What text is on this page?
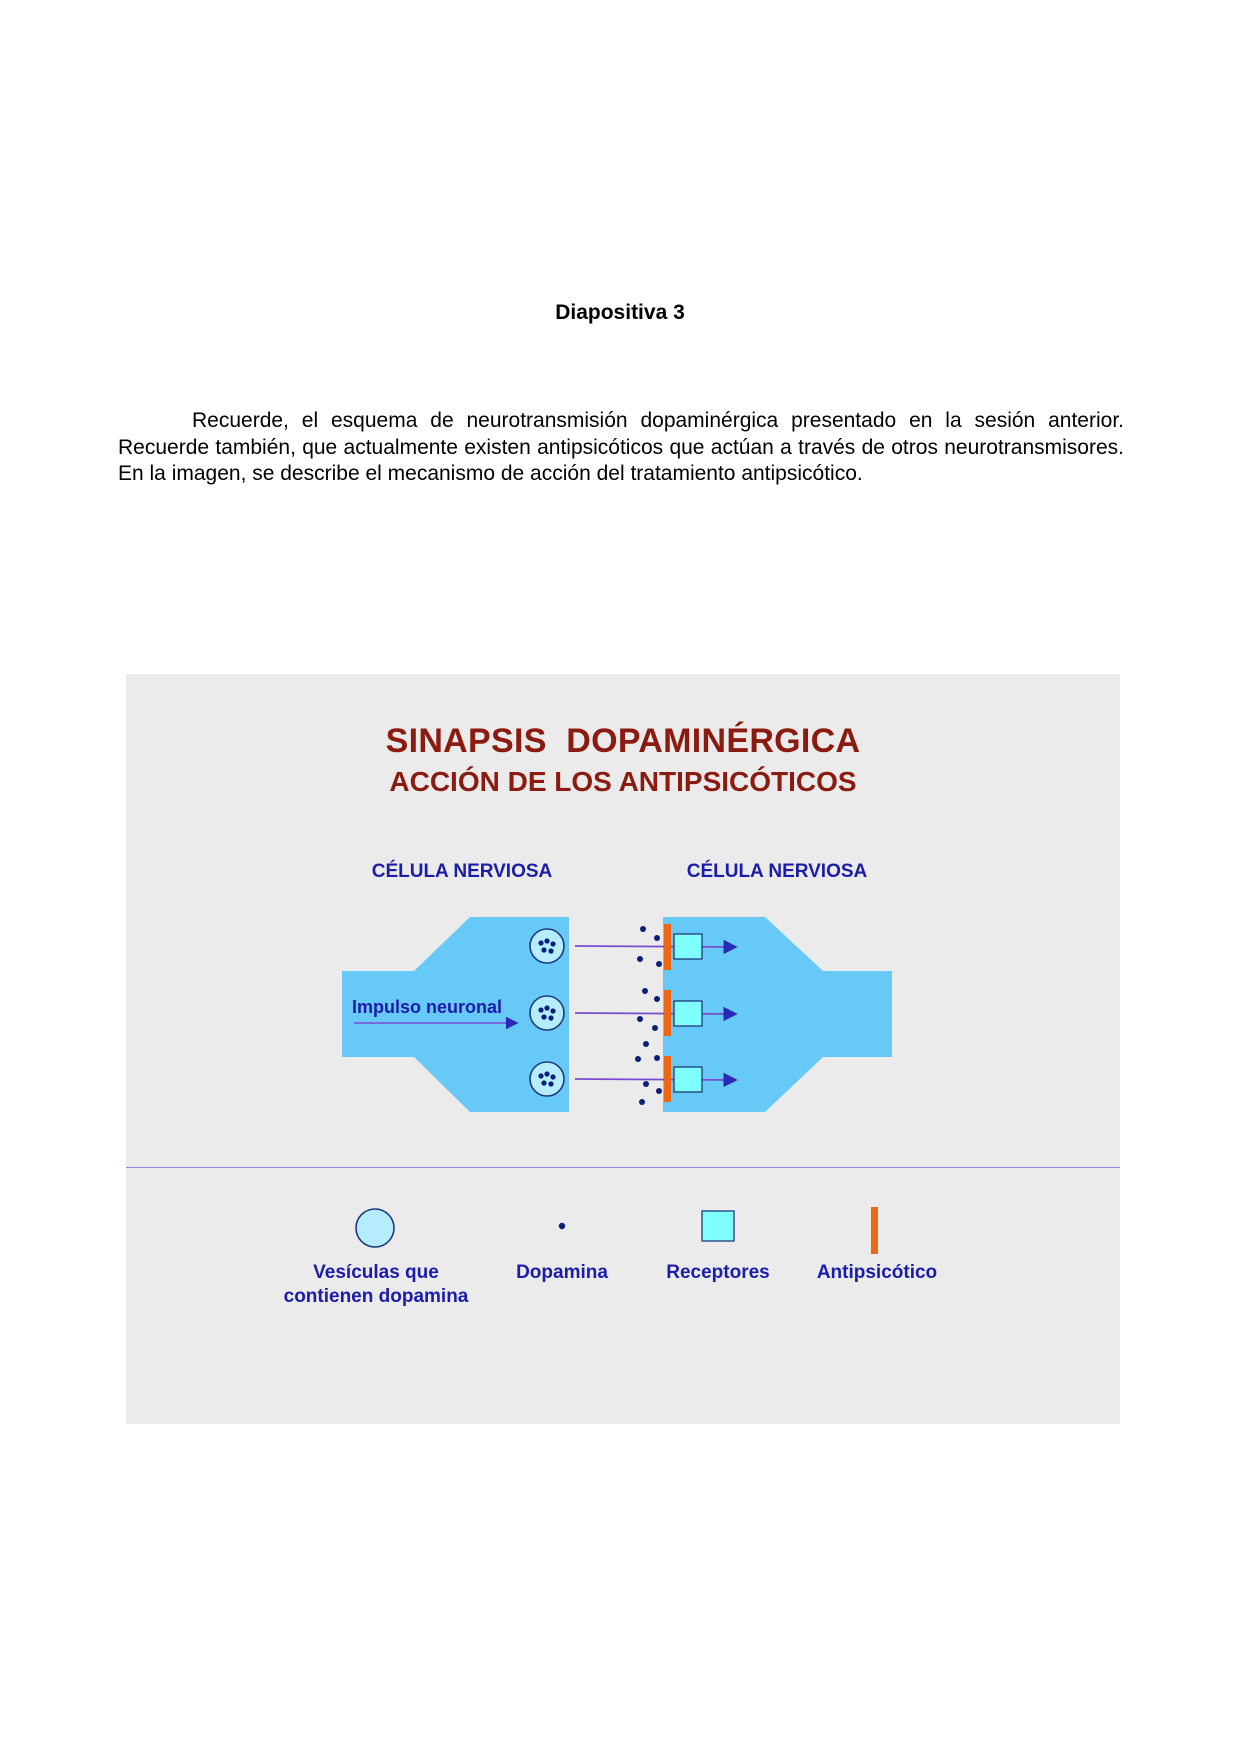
Diapositiva 3

Recuerde, el esquema de neurotransmisión dopaminérgica presentado en la sesión anterior. Recuerde también, que actualmente existen antipsicóticos que actúan a través de otros neurotransmisores. En la imagen, se describe el mecanismo de acción del tratamiento antipsicótico.

SINAPSIS  DOPAMINÉRGICA
ACCIÓN DE LOS ANTIPSICÓTICOS
CÉLULA NERVIOSA	CÉLULA NERVIOSA
Impulso neuronal
Vesículas que contienen dopamina
Dopamina	Receptores	Antipsicótico
